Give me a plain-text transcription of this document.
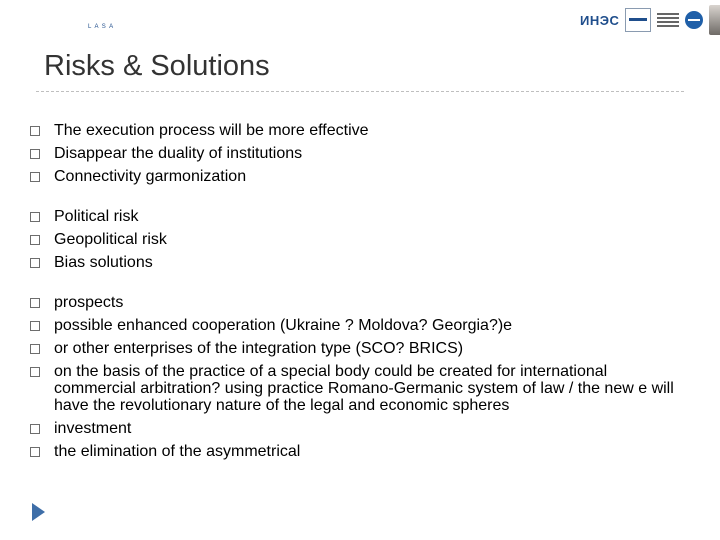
ИНЭС
L A S A
Risks & Solutions
The execution process will be more effective
Disappear the duality of institutions
Connectivity garmonization
Political risk
Geopolitical risk
Bias solutions
prospects
possible enhanced cooperation (Ukraine ? Moldova? Georgia?)e
or other enterprises of the integration type (SCO? BRICS)
on the basis of the practice of a special body could be created for international commercial arbitration? using practice Romano-Germanic system of law / the new e will have the revolutionary nature of the legal and economic spheres
investment
the elimination of the asymmetrical
